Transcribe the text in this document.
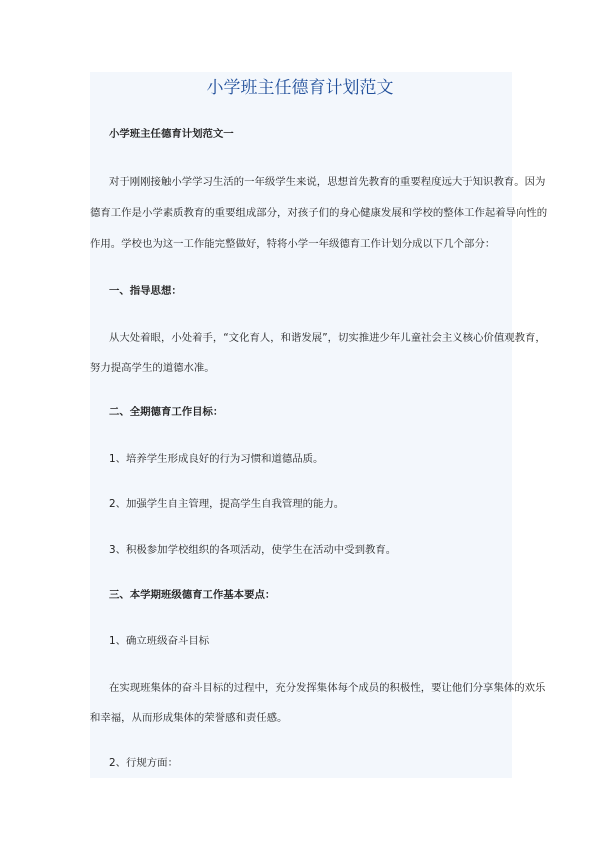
小学班主任德育计划范文
小学班主任德育计划范文一
对于刚刚接触小学学习生活的一年级学生来说，思想首先教育的重要程度远大于知识教育。因为
德育工作是小学素质教育的重要组成部分，对孩子们的身心健康发展和学校的整体工作起着导向性的
作用。学校也为这一工作能完整做好，特将小学一年级德育工作计划分成以下几个部分：
一、指导思想：
从大处着眼，小处着手，“文化育人，和谐发展”，切实推进少年儿童社会主义核心价值观教育，
努力提高学生的道德水准。
二、全期德育工作目标：
1、培养学生形成良好的行为习惯和道德品质。
2、加强学生自主管理，提高学生自我管理的能力。
3、积极参加学校组织的各项活动，使学生在活动中受到教育。
三、本学期班级德育工作基本要点：
1、确立班级奋斗目标
在实现班集体的奋斗目标的过程中，充分发挥集体每个成员的积极性，要让他们分享集体的欢乐
和幸福，从而形成集体的荣誉感和责任感。
2、行规方面：
